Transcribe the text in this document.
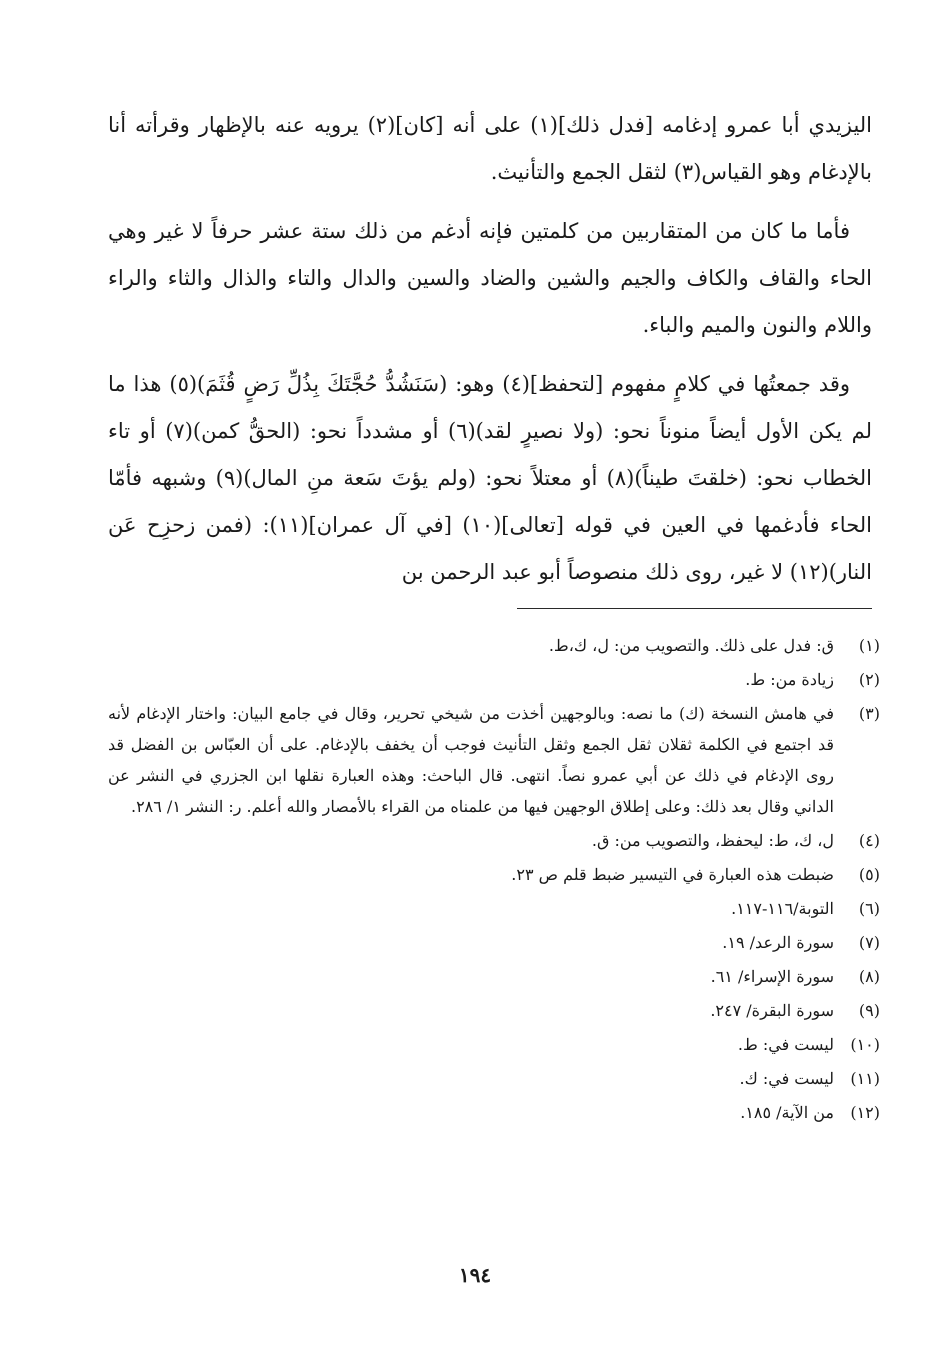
اليزيدي أبا عمرو إدغامه [فدل ذلك](١) على أنه [كان](٢) يرويه عنه بالإظهار وقرأته أنا بالإدغام وهو القياس(٣) لثقل الجمع والتأنيث.

فأما ما كان من المتقاربين من كلمتين فإنه أدغم من ذلك ستة عشر حرفاً لا غير وهي الحاء والقاف والكاف والجيم والشين والضاد والسين والدال والتاء والذال والثاء والراء واللام والنون والميم والباء.

وقد جمعتُها في كلامٍ مفهوم [لتحفظ](٤) وهو: (سَنَشُدُّ حُجَّتَكَ بِذُلِّ رَضٍ قُثَمَ)(٥) هذا ما لم يكن الأول أيضاً منوناً نحو: (ولا نصيرٍ لقد)(٦) أو مشدداً نحو: (الحقُّ كمن)(٧) أو تاء الخطاب نحو: (خلقتَ طيناً)(٨) أو معتلاً نحو: (ولم يؤتَ سَعة منِ المال)(٩) وشبهه فأمّا الحاء فأدغمها في العين في قوله [تعالى](١٠) [في آل عمران](١١): (فمن زحزِح عَن النار)(١٢) لا غير، روى ذلك منصوصاً أبو عبد الرحمن بن

(١)
ق: فدل على ذلك. والتصويب من: ل، ك،ط.
(٢)
زيادة من: ط.
(٣)
في هامش النسخة (ك) ما نصه: وبالوجهين أخذت من شيخي تحرير، وقال في جامع البيان: واختار الإدغام لأنه قد اجتمع في الكلمة ثقلان ثقل الجمع وثقل التأنيث فوجب أن يخفف بالإدغام. على أن العبّاس بن الفضل قد روى الإدغام في ذلك عن أبي عمرو نصاً. انتهى. قال الباحث: وهذه العبارة نقلها ابن الجزري في النشر عن الداني وقال بعد ذلك: وعلى إطلاق الوجهين فيها من علمناه من القراء بالأمصار والله أعلم. ر: النشر ١/ ٢٨٦.
(٤)
ل، ك، ط: ليحفظ، والتصويب من: ق.
(٥)
ضبطت هذه العبارة في التيسير ضبط قلم ص ٢٣.
(٦)
التوبة/١١٦-١١٧.
(٧)
سورة الرعد/ ١٩.
(٨)
سورة الإسراء/ ٦١.
(٩)
سورة البقرة/ ٢٤٧.
(١٠)
ليست في: ط.
(١١)
ليست في: ك.
(١٢)
من الآية/ ١٨٥.
١٩٤
